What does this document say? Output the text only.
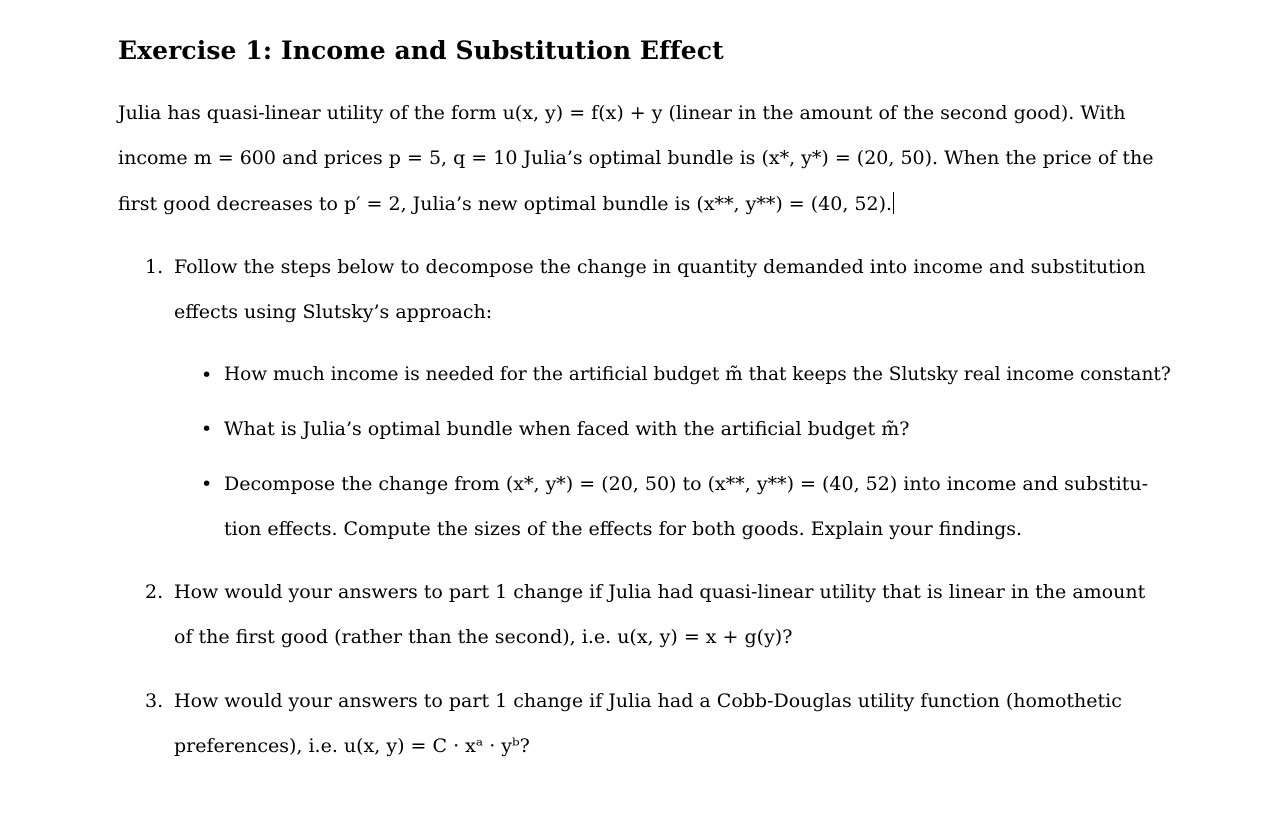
Exercise 1: Income and Substitution Effect
Julia has quasi-linear utility of the form u(x, y) = f(x) + y (linear in the amount of the second good). With
income m = 600 and prices p = 5, q = 10 Julia’s optimal bundle is (x*, y*) = (20, 50). When the price of the
first good decreases to p′ = 2, Julia’s new optimal bundle is (x**, y**) = (40, 52).
1. Follow the steps below to decompose the change in quantity demanded into income and substitution
effects using Slutsky’s approach:
• How much income is needed for the artificial budget m̃ that keeps the Slutsky real income constant?
• What is Julia’s optimal bundle when faced with the artificial budget m̃?
• Decompose the change from (x*, y*) = (20, 50) to (x**, y**) = (40, 52) into income and substitu-
tion effects. Compute the sizes of the effects for both goods. Explain your findings.
2. How would your answers to part 1 change if Julia had quasi-linear utility that is linear in the amount
of the first good (rather than the second), i.e. u(x, y) = x + g(y)?
3. How would your answers to part 1 change if Julia had a Cobb-Douglas utility function (homothetic
preferences), i.e. u(x, y) = C · xᵃ · yᵇ?
